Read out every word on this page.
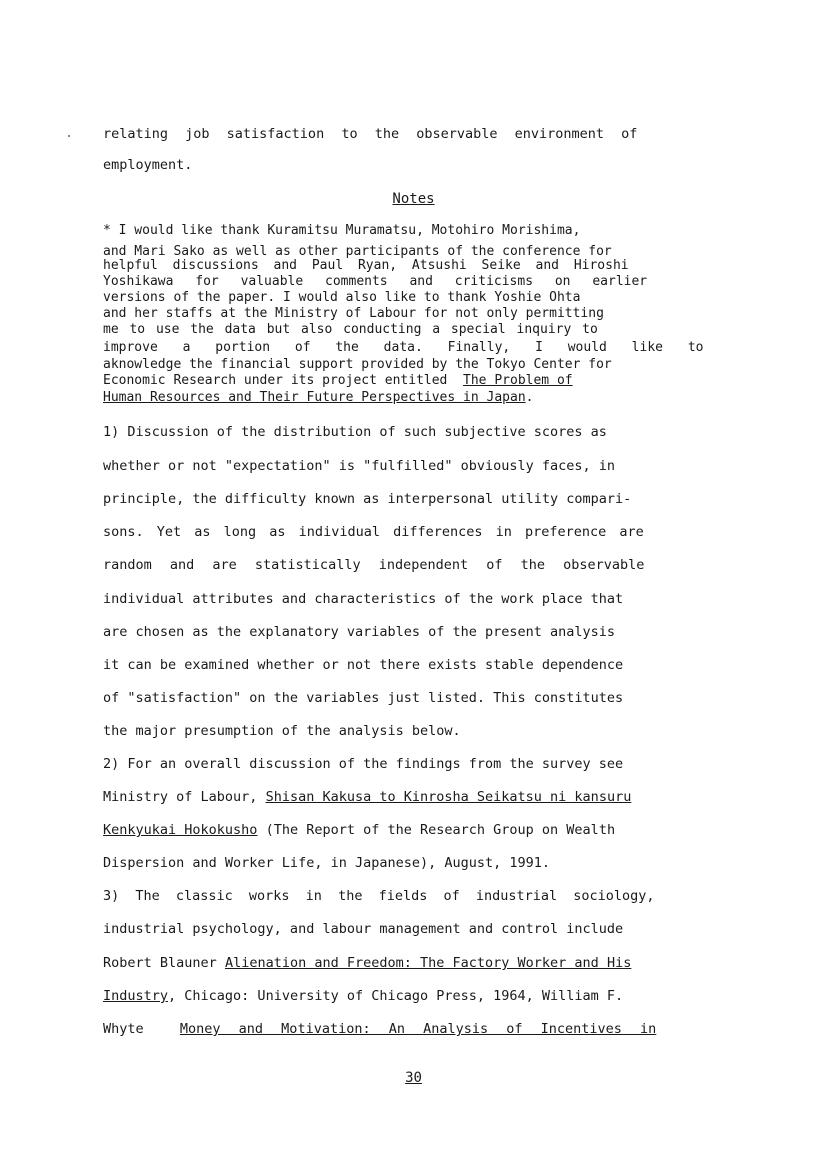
relating job satisfaction to the observable environment of
employment.
Notes
* I would like thank Kuramitsu Muramatsu, Motohiro Morishima,
and Mari Sako as well as other participants of the conference for
helpful discussions and Paul Ryan, Atsushi Seike and Hiroshi
Yoshikawa for valuable comments and criticisms on earlier
versions of the paper. I would also like to thank Yoshie Ohta
and her staffs at the Ministry of Labour for not only permitting
me to use the data but also conducting a special inquiry to
improve a portion of the data. Finally, I would like to
aknowledge the financial support provided by the Tokyo Center for
Economic Research under its project entitled
The Problem of
Human Resources and Their Future Perspectives in Japan .
1) Discussion of the distribution of such subjective scores as
whether or not "expectation" is "fulfilled" obviously faces, in
principle, the difficulty known as interpersonal utility compari-
sons. Yet as long as individual differences in preference are
random and are statistically independent of the observable
individual attributes and characteristics of the work place that
are chosen as the explanatory variables of the present analysis
it can be examined whether or not there exists stable dependence
of "satisfaction" on the variables just listed. This constitutes
the major presumption of the analysis below.
2) For an overall discussion of the findings from the survey see
Ministry of Labour,
Shisan Kakusa to Kinrosha Seikatsu ni kansuru
Kenkyukai Hokokusho
(The Report of the Research Group on Wealth
Dispersion and Worker Life, in Japanese), August, 1991.
3) The classic works in the fields of industrial sociology,
industrial psychology, and labour management and control include
Robert Blauner
Alienation and Freedom: The Factory Worker and His
Industry , Chicago: University of Chicago Press, 1964, William F.
Whyte
	Money and Motivation: An Analysis of Incentives in
30
